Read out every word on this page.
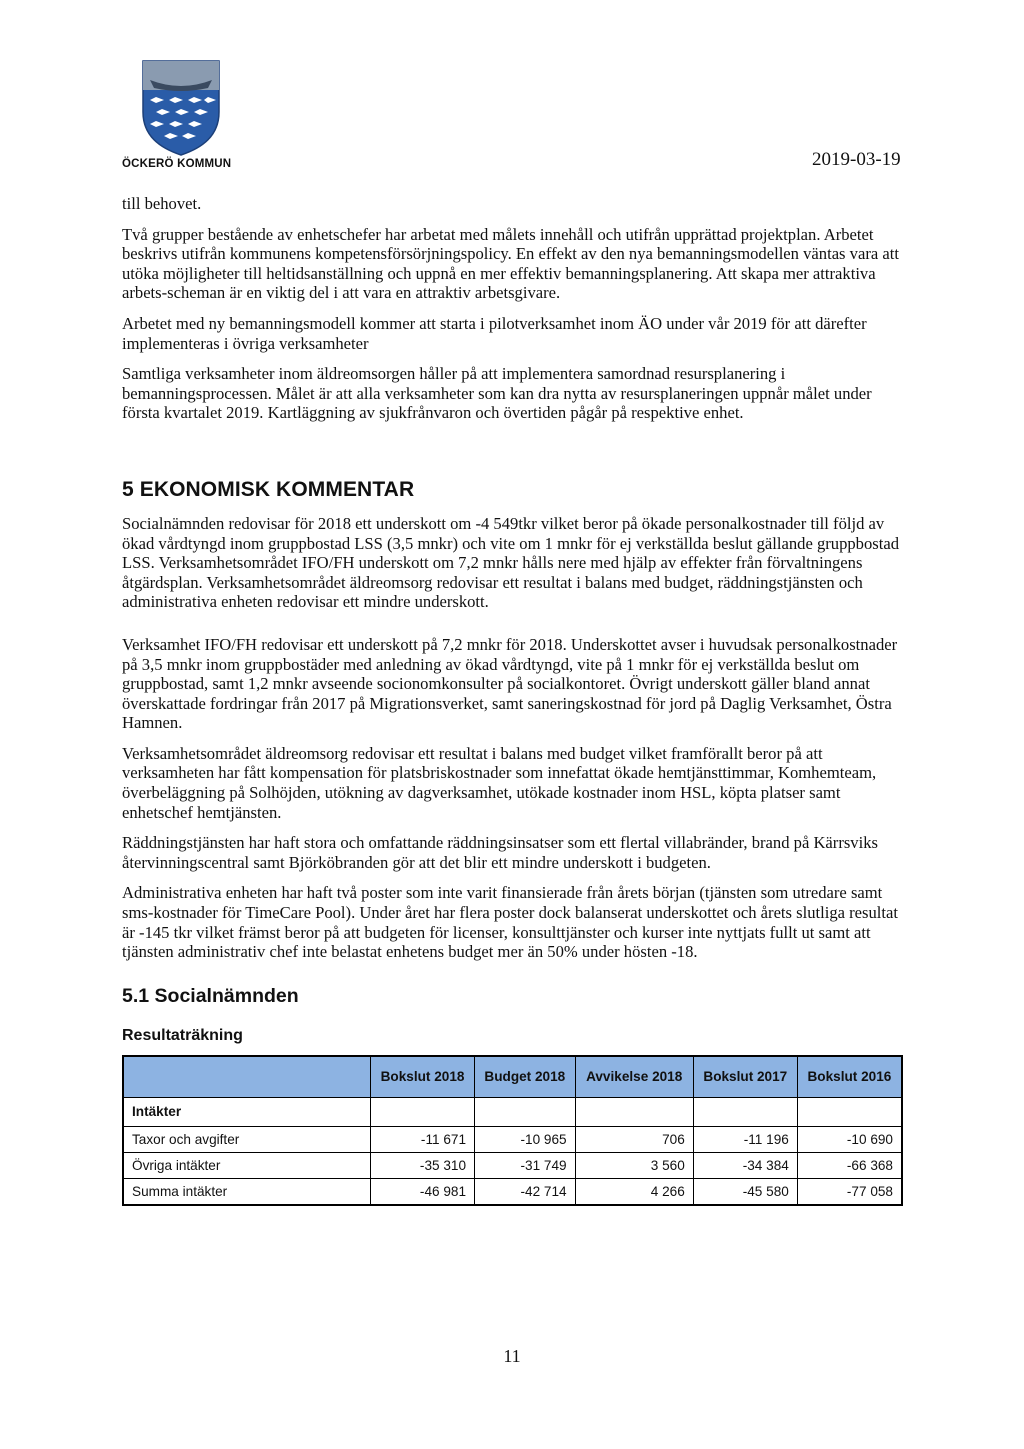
ÖCKERÖ KOMMUN	2019-03-19

till behovet.

Två grupper bestående av enhetschefer har arbetat med målets innehåll och utifrån upprättad projektplan. Arbetet beskrivs utifrån kommunens kompetensförsörjningspolicy. En effekt av den nya bemanningsmodellen väntas vara att utöka möjligheter till heltidsanställning och uppnå en mer effektiv bemanningsplanering. Att skapa mer attraktiva arbets-scheman är en viktig del i att vara en attraktiv arbetsgivare.

Arbetet med ny bemanningsmodell kommer att starta i pilotverksamhet inom ÄO under vår 2019 för att därefter implementeras i övriga verksamheter

Samtliga verksamheter inom äldreomsorgen håller på att implementera samordnad resursplanering i bemanningsprocessen. Målet är att alla verksamheter som kan dra nytta av resursplaneringen uppnår målet under första kvartalet 2019. Kartläggning av sjukfrånvaron och övertiden pågår på respektive enhet.

5 EKONOMISK KOMMENTAR

Socialnämnden redovisar för 2018 ett underskott om -4 549tkr vilket beror på ökade personalkostnader till följd av ökad vårdtyngd inom gruppbostad LSS (3,5 mnkr) och vite om 1 mnkr för ej verkställda beslut gällande gruppbostad LSS. Verksamhetsområdet IFO/FH underskott om 7,2 mnkr hålls nere med hjälp av effekter från förvaltningens åtgärdsplan. Verksamhetsområdet äldreomsorg redovisar ett resultat i balans med budget, räddningstjänsten och administrativa enheten redovisar ett mindre underskott.

Verksamhet IFO/FH redovisar ett underskott på 7,2 mnkr för 2018. Underskottet avser i huvudsak personalkostnader på 3,5 mnkr inom gruppbostäder med anledning av ökad vårdtyngd, vite på 1 mnkr för ej verkställda beslut om gruppbostad, samt 1,2 mnkr avseende socionomkonsulter på socialkontoret. Övrigt underskott gäller bland annat överskattade fordringar från 2017 på Migrationsverket, samt saneringskostnad för jord på Daglig Verksamhet, Östra Hamnen.

Verksamhetsområdet äldreomsorg redovisar ett resultat i balans med budget vilket framförallt beror på att verksamheten har fått kompensation för platsbriskostnader som innefattat ökade hemtjänsttimmar, Komhemteam, överbeläggning på Solhöjden, utökning av dagverksamhet, utökade kostnader inom HSL, köpta platser samt enhetschef hemtjänsten.

Räddningstjänsten har haft stora och omfattande räddningsinsatser som ett flertal villabränder, brand på Kärrsviks återvinningscentral samt Björköbranden gör att det blir ett mindre underskott i budgeten.

Administrativa enheten har haft två poster som inte varit finansierade från årets början (tjänsten som utredare samt sms-kostnader för TimeCare Pool). Under året har flera poster dock balanserat underskottet och årets slutliga resultat är -145 tkr vilket främst beror på att budgeten för licenser, konsulttjänster och kurser inte nyttjats fullt ut samt att tjänsten administrativ chef inte belastat enhetens budget mer än 50% under hösten -18.

5.1 Socialnämnden
Resultaträkning
	Bokslut 2018	Budget 2018	Avvikelse 2018	Bokslut 2017	Bokslut 2016
Intäkter					
Taxor och avgifter	-11 671	-10 965	706	-11 196	-10 690
Övriga intäkter	-35 310	-31 749	3 560	-34 384	-66 368
Summa intäkter	-46 981	-42 714	4 266	-45 580	-77 058
11
